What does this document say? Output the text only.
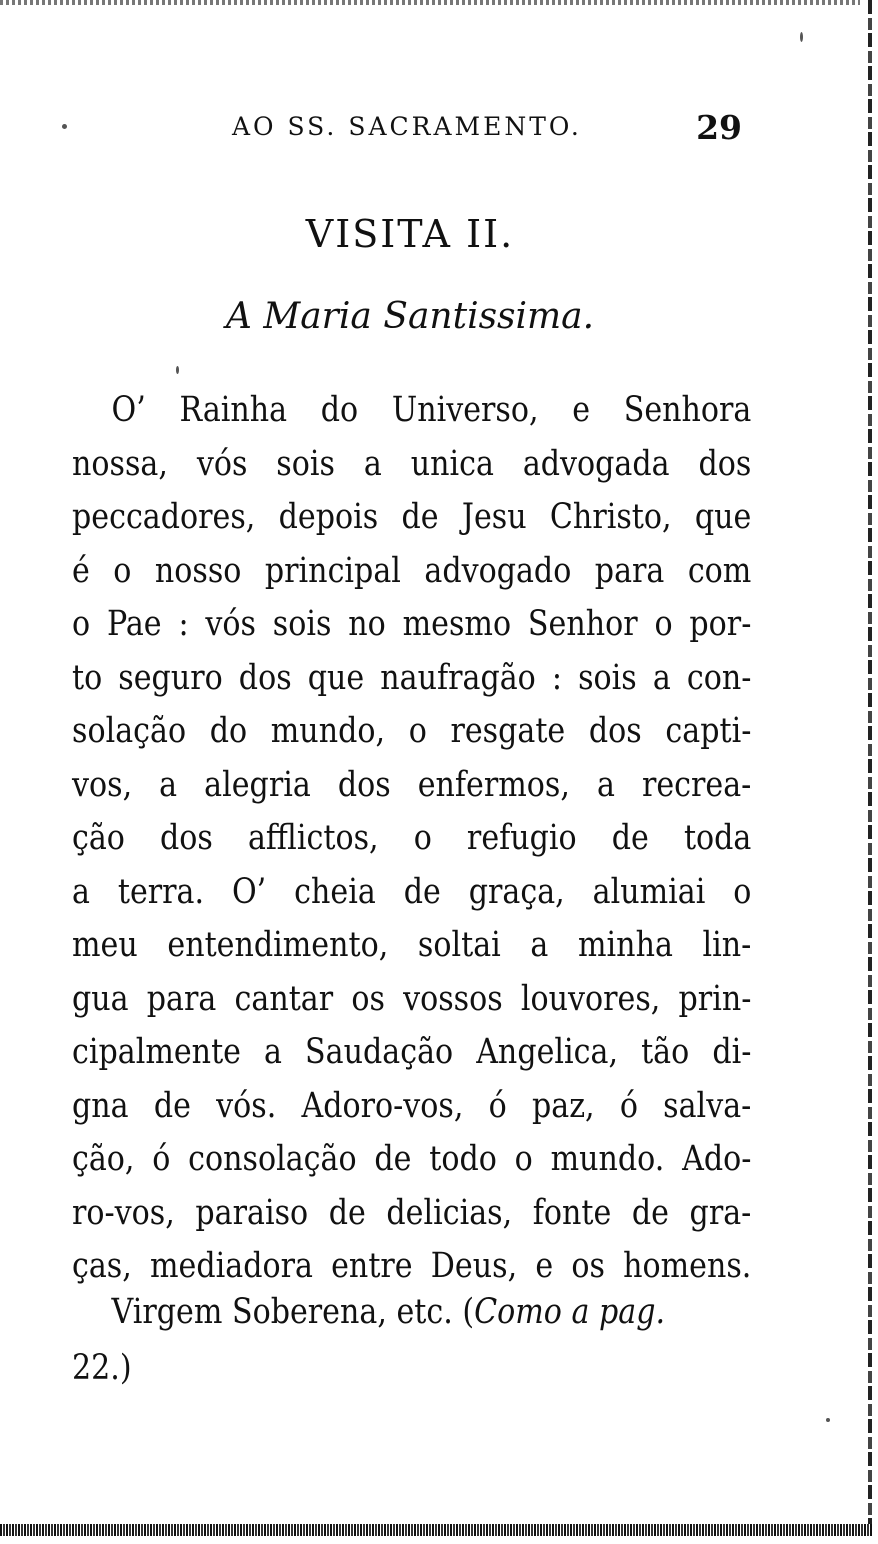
AO SS. SACRAMENTO.	29
VISITA II.
A Maria Santissima.
O’ Rainha do Universo, e Senhora
nossa, vós sois a unica advogada dos
peccadores, depois de Jesu Christo, que
é o nosso principal advogado para com
o Pae : vós sois no mesmo Senhor o por-
to seguro dos que naufragão : sois a con-
solação do mundo, o resgate dos capti-
vos, a alegria dos enfermos, a recrea-
ção dos afflictos, o refugio de toda
a terra. O’ cheia de graça, alumiai o
meu entendimento, soltai a minha lin-
gua para cantar os vossos louvores, prin-
cipalmente a Saudação Angelica, tão di-
gna de vós. Adoro-vos, ó paz, ó salva-
ção, ó consolação de todo o mundo. Ado-
ro-vos, paraiso de delicias, fonte de gra-
ças, mediadora entre Deus, e os homens.
Virgem Soberena, etc. (Como a pag.
22.)
